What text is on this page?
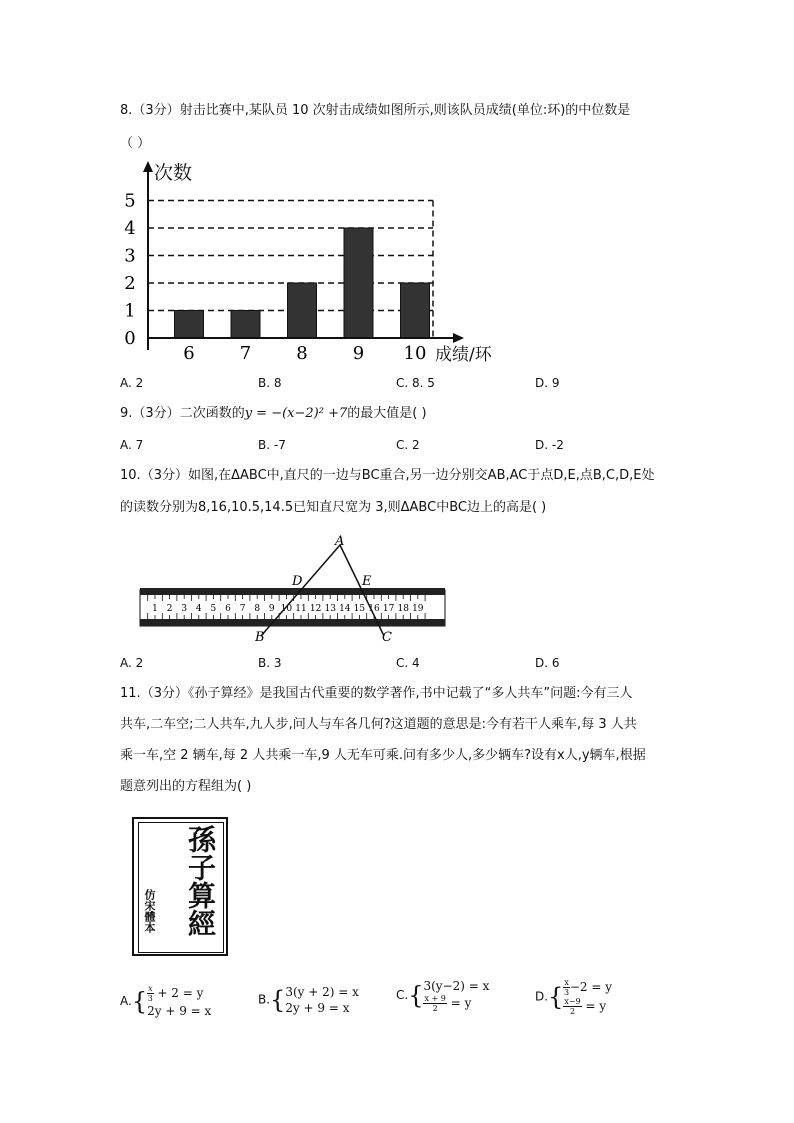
8.（3分）射击比赛中,某队员 10 次射击成绩如图所示,则该队员成绩(单位:环)的中位数是
（ ）
0
1
2
3
4
5
6	7	8	9 10
次数
成绩/环
A. 2	B. 8	C. 8. 5	D. 9
9.（3分）二次函数的y = −(x−2)² +7的最大值是( )
A. 7	B. -7	C. 2	D. -2
10.（3分）如图,在ΔABC中,直尺的一边与BC重合,另一边分别交AB,AC于点D,E,点B,C,D,E处
的读数分别为8,16,10.5,14.5已知直尺宽为 3,则ΔABC中BC边上的高是( )
1 2 3 4 5 6 7 8 9 10 11 12 13 14 15 16 17 18 19
A
D	E
B	C
A. 2	B. 3	C. 4	D. 6
11.（3分）《孙子算经》是我国古代重要的数学著作,书中记载了“多人共车”问题:今有三人
共车,二车空;二人共车,九人步,问人与车各几何?这道题的意思是:今有若干人乘车,每 3 人共
乘一车,空 2 辆车,每 2 人共乘一车,9 人无车可乘.问有多少人,多少辆车?设有x人,y辆车,根据
题意列出的方程组为( )
孫子算經
仿宋體本
$A.\{ \frac{x}{3} + 2 = y$
2y + 9 = x
B.{ 3(y + 2) = x
2y + 9 = x
C.{ 3(y−2) = x
$\frac{x + 9}{2} = y$	$D.\{ \frac{x}{3} -2 = y$
$\frac{x-9}{2} = y$
